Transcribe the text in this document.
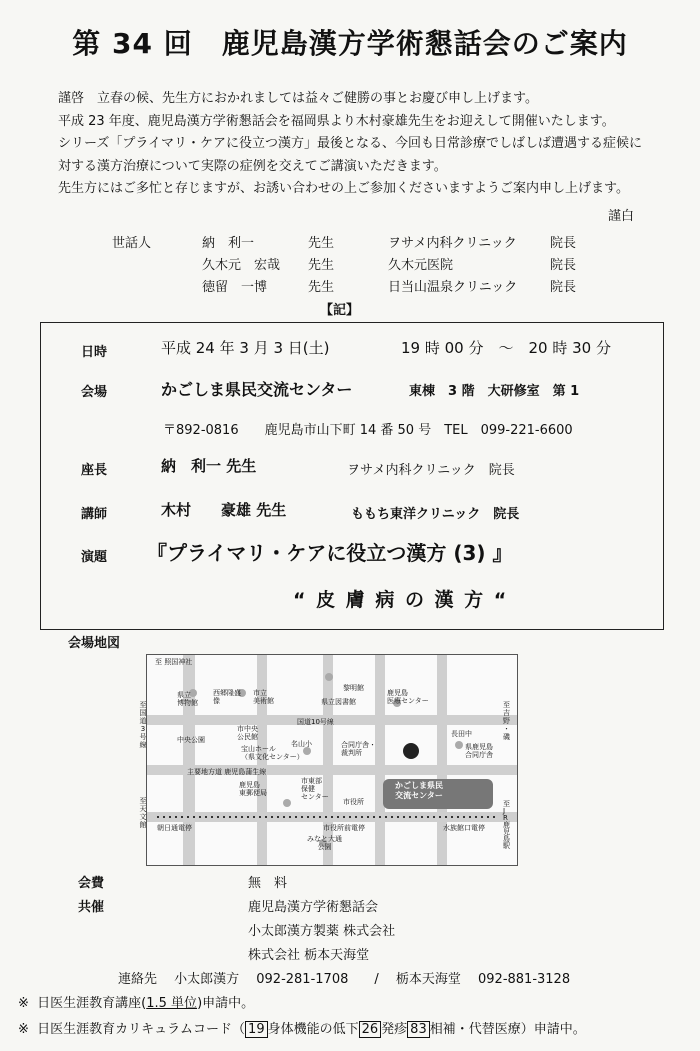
第 34 回　鹿児島漢方学術懇話会のご案内
謹啓　立春の候、先生方におかれましては益々ご健勝の事とお慶び申し上げます。
平成 23 年度、鹿児島漢方学術懇話会を福岡県より木村豪雄先生をお迎えして開催いたします。
シリーズ「プライマリ・ケアに役立つ漢方」最後となる、今回も日常診療でしばしば遭遇する症候に
対する漢方治療について実際の症例を交えてご講演いただきます。
先生方にはご多忙と存じますが、お誘い合わせの上ご参加くださいますようご案内申し上げます。
謹白
世話人	納　利一	先生	ヲサメ内科クリニック	院長
久木元　宏哉 先生	久木元医院	院長
徳留　一博	先生	日当山温泉クリニック	院長
【記】
日時	平成 24 年 3 月 3 日(土)	19 時 00 分　～　20 時 30 分
会場	かごしま県民交流センター	東棟　3 階　大研修室　第 1
〒892-0816　　鹿児島市山下町 14 番 50 号　TEL　099-221-6600
座長	納　利一 先生	ヲサメ内科クリニック　院長
講師	木村　　豪雄 先生	ももち東洋クリニック　院長
演題 『プライマリ・ケアに役立つ漢方 (3) 』
“ 皮 膚 病 の 漢 方 “
会場地図
至 照国神社
県立
博物館
西郷隆盛
像
市立
美術館
黎明館
県立図書館
鹿児島
医療センター
至
国
道
3
号
線
至
吉
野
・
磯
国道10号線
中央公園
市中央
公民館
宝山ホール
（県文化センター）
名山小	合同庁舎・
裁判所
長田中
県鹿児島
合同庁舎
主要地方道 鹿児島蒲生線
市東部
保健
センター
鹿児島
東郵便局
市役所
かごしま県民
交流センター
至
天
文
館
至
J
R
鹿
児
島
駅
朝日通電停	市役所前電停	水族館口電停
みなと大通
公園
会費	無　料
共催	鹿児島漢方学術懇話会
小太郎漢方製薬 株式会社
株式会社 栃本天海堂
連絡先　 小太郎漢方　 092-281-1708　　/　 栃本天海堂　 092-881-3128
※ 日医生涯教育講座(1.5 単位)申請中。
※ 日医生涯教育カリキュラムコード（ 19 身体機能の低下 26 発疹 83 相補・代替医療）申請中。
